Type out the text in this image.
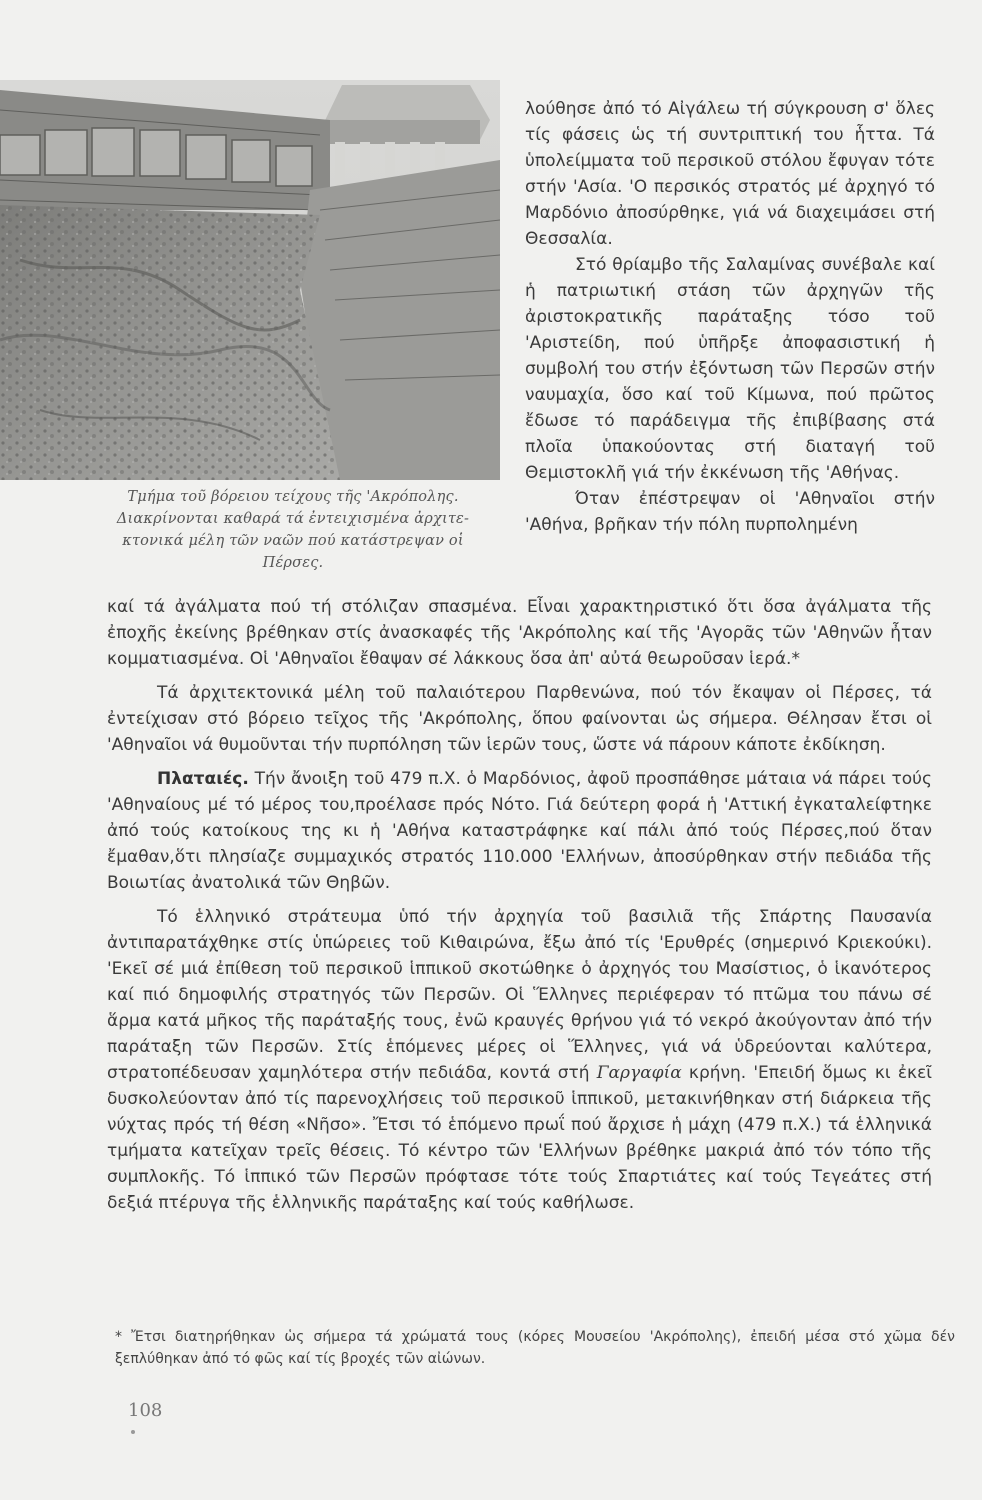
Τμήμα τοῦ βόρειου τείχους τῆς 'Ακρόπολης.
Διακρίνονται καθαρά τά ἐντειχισμένα ἀρχιτε-
κτονικά μέλη τῶν ναῶν πού κατάστρεψαν οἱ
Πέρσες.

λούθησε ἀπό τό Αἰγάλεω τή σύγκρουση σ' ὅλες τίς φάσεις ὡς τή συντριπτική του ἧττα. Τά ὑπολείμματα τοῦ περσικοῦ στόλου ἔφυγαν τότε στήν 'Ασία. 'Ο περσικός στρατός μέ ἀρχηγό τό Μαρδόνιο ἀποσύρθηκε, γιά νά διαχειμάσει στή Θεσσαλία.

Στό θρίαμβο τῆς Σαλαμίνας συνέβαλε καί ἡ πατριωτική στάση τῶν ἀρχηγῶν τῆς ἀριστοκρατικῆς παράταξης τόσο τοῦ 'Αριστείδη, πού ὑπῆρξε ἀποφασιστική ἡ συμβολή του στήν ἐξόντωση τῶν Περσῶν στήν ναυμαχία, ὅσο καί τοῦ Κίμωνα, πού πρῶτος ἔδωσε τό παράδειγμα τῆς ἐπιβίβασης στά πλοῖα ὑπακούοντας στή διαταγή τοῦ Θεμιστοκλῆ γιά τήν ἐκκένωση τῆς 'Αθήνας.

Όταν ἐπέστρεψαν οἱ 'Αθηναῖοι στήν 'Αθήνα, βρῆκαν τήν πόλη πυρπολημένη

καί τά ἀγάλματα πού τή στόλιζαν σπασμένα. Εἶναι χαρακτηριστικό ὅτι ὅσα ἀγάλματα τῆς ἐποχῆς ἐκείνης βρέθηκαν στίς ἀνασκαφές τῆς 'Ακρόπολης καί τῆς 'Αγορᾶς τῶν 'Αθηνῶν ἦταν κομματιασμένα. Οἱ 'Αθηναῖοι ἔθαψαν σέ λάκκους ὅσα ἀπ' αὐτά θεωροῦσαν ἱερά.*

Τά ἀρχιτεκτονικά μέλη τοῦ παλαιότερου Παρθενώνα, πού τόν ἔκαψαν οἱ Πέρσες, τά ἐντείχισαν στό βόρειο τεῖχος τῆς 'Ακρόπολης, ὅπου φαίνονται ὡς σήμερα. Θέλησαν ἔτσι οἱ 'Αθηναῖοι νά θυμοῦνται τήν πυρπόληση τῶν ἱερῶν τους, ὥστε νά πάρουν κάποτε ἐκδίκηση.

Πλαταιές. Τήν ἄνοιξη τοῦ 479 π.Χ. ὁ Μαρδόνιος, ἀφοῦ προσπάθησε μάταια νά πάρει τούς 'Αθηναίους μέ τό μέρος του,προέλασε πρός Νότο. Γιά δεύτερη φορά ἡ 'Αττική ἐγκαταλείφτηκε ἀπό τούς κατοίκους της κι ἡ 'Αθήνα καταστράφηκε καί πάλι ἀπό τούς Πέρσες,πού ὅταν ἔμαθαν,ὅτι πλησίαζε συμμαχικός στρατός 110.000 'Ελλήνων, ἀποσύρθηκαν στήν πεδιάδα τῆς Βοιωτίας ἀνατολικά τῶν Θηβῶν.

Τό ἑλληνικό στράτευμα ὑπό τήν ἀρχηγία τοῦ βασιλιᾶ τῆς Σπάρτης Παυσανία ἀντιπαρατάχθηκε στίς ὑπώρειες τοῦ Κιθαιρώνα, ἔξω ἀπό τίς 'Ερυθρές (σημερινό Κριεκούκι). 'Εκεῖ σέ μιά ἐπίθεση τοῦ περσικοῦ ἱππικοῦ σκοτώθηκε ὁ ἀρχηγός του Μασίστιος, ὁ ἱκανότερος καί πιό δημοφιλής στρατηγός τῶν Περσῶν. Οἱ Ἕλληνες περιέφεραν τό πτῶμα του πάνω σέ ἅρμα κατά μῆκος τῆς παράταξής τους, ἐνῶ κραυγές θρήνου γιά τό νεκρό ἀκούγονταν ἀπό τήν παράταξη τῶν Περσῶν. Στίς ἑπόμενες μέρες οἱ Ἕλληνες, γιά νά ὑδρεύονται καλύτερα, στρατοπέδευσαν χαμηλότερα στήν πεδιάδα, κοντά στή Γαργαφία κρήνη. 'Επειδή ὅμως κι ἐκεῖ δυσκολεύονταν ἀπό τίς παρενοχλήσεις τοῦ περσικοῦ ἱππικοῦ, μετακινήθηκαν στή διάρκεια τῆς νύχτας πρός τή θέση «Νῆσο». Ἔτσι τό ἑπόμενο πρωΐ πού ἄρχισε ἡ μάχη (479 π.Χ.) τά ἑλληνικά τμήματα κατεῖχαν τρεῖς θέσεις. Τό κέντρο τῶν 'Ελλήνων βρέθηκε μακριά ἀπό τόν τόπο τῆς συμπλοκῆς. Τό ἱππικό τῶν Περσῶν πρόφτασε τότε τούς Σπαρτιάτες καί τούς Τεγεάτες στή δεξιά πτέρυγα τῆς ἑλληνικῆς παράταξης καί τούς καθήλωσε.

* Ἔτσι διατηρήθηκαν ὡς σήμερα τά χρώματά τους (κόρες Μουσείου 'Ακρόπολης), ἐπειδή μέσα στό χῶμα δέν ξεπλύθηκαν ἀπό τό φῶς καί τίς βροχές τῶν αἰώνων.
108
